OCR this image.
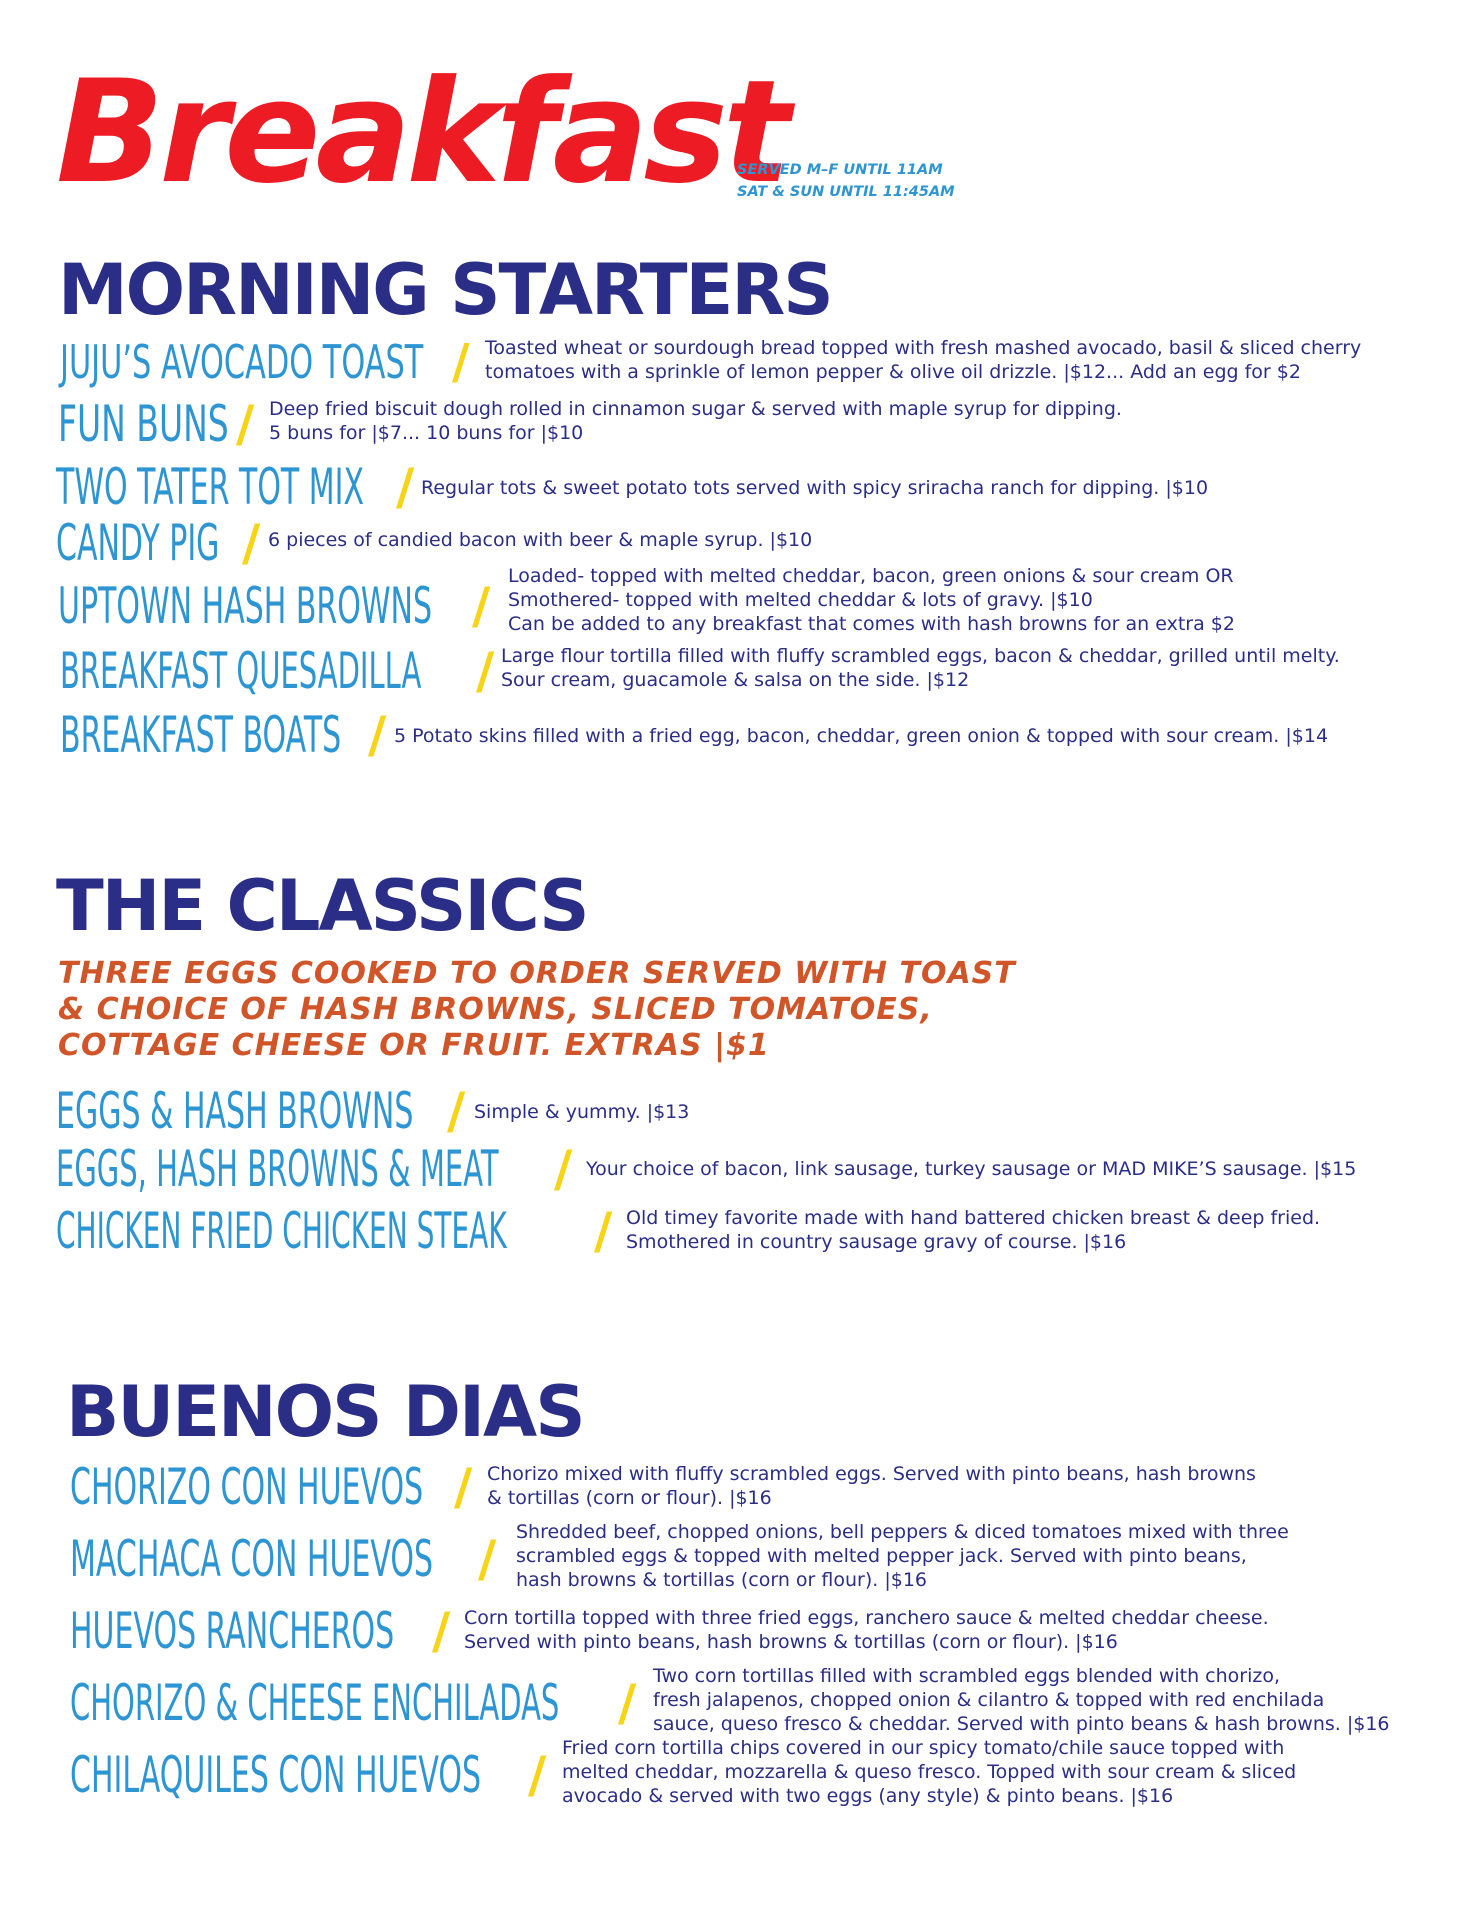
Breakfast
SERVED M–F UNTIL 11AM
SAT & SUN UNTIL 11:45AM
MORNING STARTERS
JUJU’S AVOCADO TOAST / Toasted wheat or sourdough bread topped with fresh mashed avocado, basil & sliced cherry
tomatoes with a sprinkle of lemon pepper & olive oil drizzle. |$12... Add an egg for $2
FUN BUNS / Deep fried biscuit dough rolled in cinnamon sugar & served with maple syrup for dipping.
5 buns for |$7... 10 buns for |$10
TWO TATER TOT MIX / Regular tots & sweet potato tots served with spicy sriracha ranch for dipping. |$10
CANDY PIG / 6 pieces of candied bacon with beer & maple syrup. |$10
UPTOWN HASH BROWNS /
Loaded- topped with melted cheddar, bacon, green onions & sour cream OR
Smothered- topped with melted cheddar & lots of gravy. |$10
Can be added to any breakfast that comes with hash browns for an extra $2
BREAKFAST QUESADILLA / Large flour tortilla filled with fluffy scrambled eggs, bacon & cheddar, grilled until melty.
Sour cream, guacamole & salsa on the side. |$12
BREAKFAST BOATS / 5 Potato skins filled with a fried egg, bacon, cheddar, green onion & topped with sour cream. |$14
THE CLASSICS
THREE EGGS COOKED TO ORDER SERVED WITH TOAST
& CHOICE OF HASH BROWNS, SLICED TOMATOES,
COTTAGE CHEESE OR FRUIT. EXTRAS |$1
EGGS & HASH BROWNS / Simple & yummy. |$13
EGGS, HASH BROWNS & MEAT / Your choice of bacon, link sausage, turkey sausage or MAD MIKE’S sausage. |$15
CHICKEN FRIED CHICKEN STEAK / Old timey favorite made with hand battered chicken breast & deep fried.
Smothered in country sausage gravy of course. |$16
BUENOS DIAS
CHORIZO CON HUEVOS / Chorizo mixed with fluffy scrambled eggs. Served with pinto beans, hash browns
& tortillas (corn or flour). |$16
MACHACA CON HUEVOS / Shredded beef, chopped onions, bell peppers & diced tomatoes mixed with three
scrambled eggs & topped with melted pepper jack. Served with pinto beans,
hash browns & tortillas (corn or flour). |$16
HUEVOS RANCHEROS / Corn tortilla topped with three fried eggs, ranchero sauce & melted cheddar cheese.
Served with pinto beans, hash browns & tortillas (corn or flour). |$16
CHORIZO & CHEESE ENCHILADAS / Two corn tortillas filled with scrambled eggs blended with chorizo,
fresh jalapenos, chopped onion & cilantro & topped with red enchilada
sauce, queso fresco & cheddar. Served with pinto beans & hash browns. |$16
CHILAQUILES CON HUEVOS / Fried corn tortilla chips covered in our spicy tomato/chile sauce topped with
melted cheddar, mozzarella & queso fresco. Topped with sour cream & sliced
avocado & served with two eggs (any style) & pinto beans. |$16
